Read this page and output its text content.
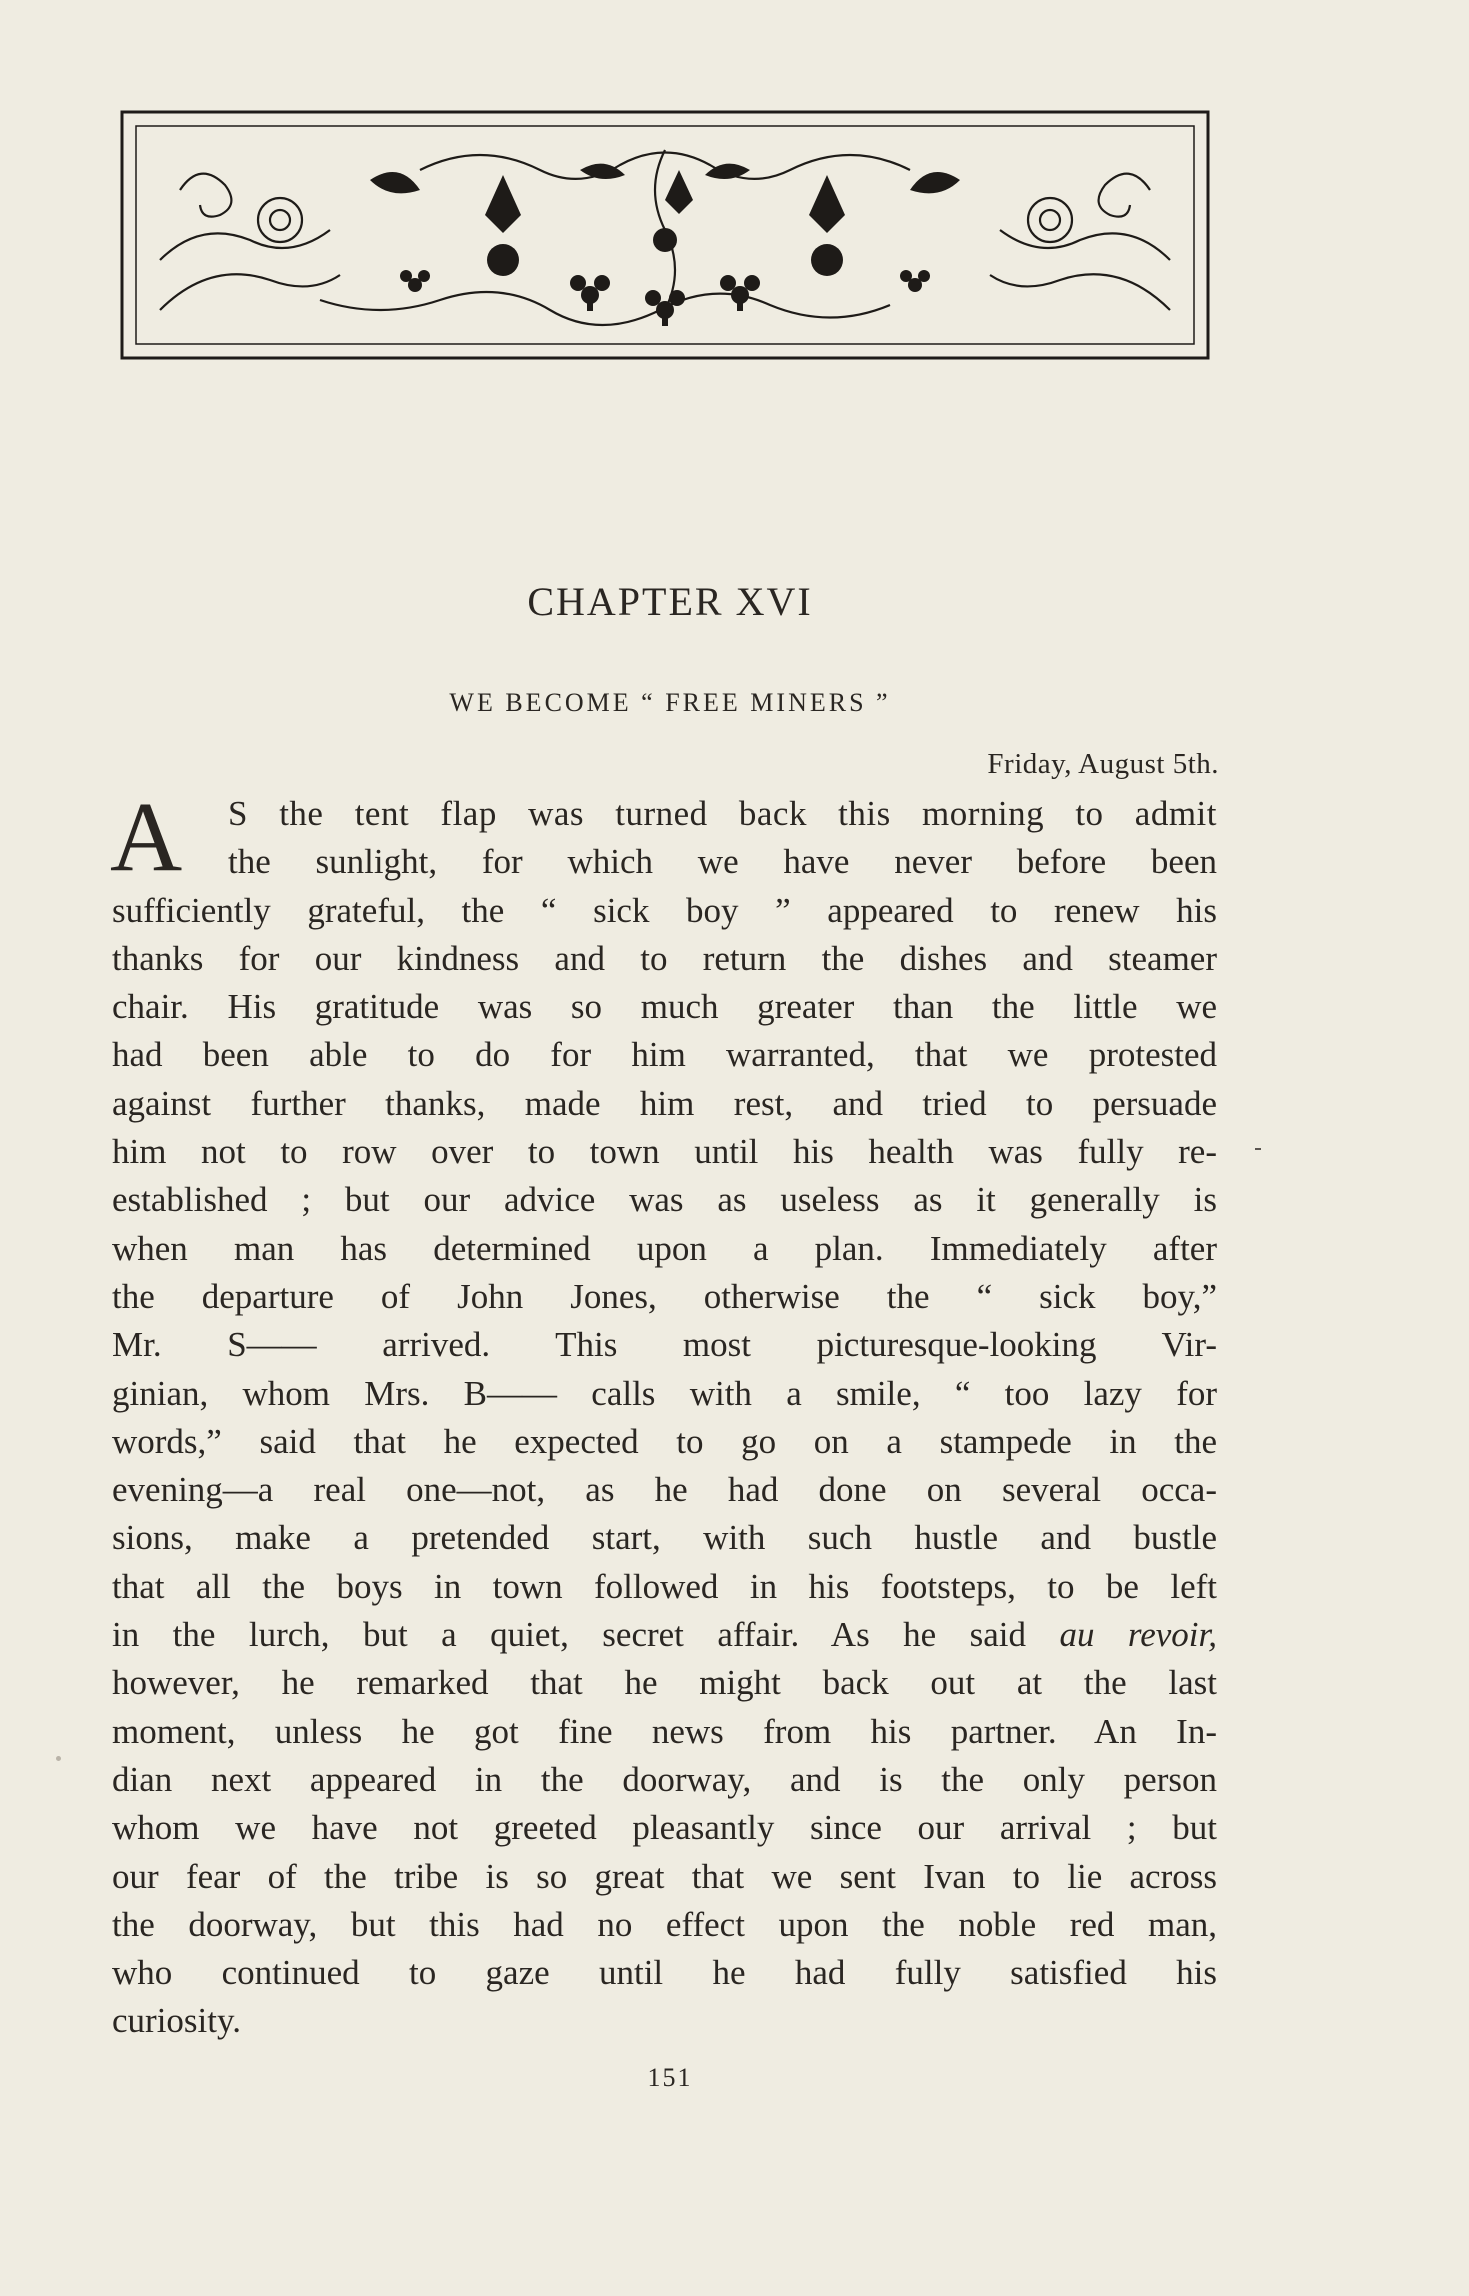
CHAPTER XVI
WE BECOME “ FREE MINERS ”
Friday, August 5th.
A	S the tent flap was turned back this morning to admit
the sunlight, for which we have never before been
sufficiently grateful, the “ sick boy ” appeared to renew his
thanks for our kindness and to return the dishes and steamer
chair. His gratitude was so much greater than the little we
had been able to do for him warranted, that we protested
against further thanks, made him rest, and tried to persuade
him not to row over to town until his health was fully re-
established ; but our advice was as useless as it generally is
when man has determined upon a plan. Immediately after
the departure of John Jones, otherwise the “ sick boy,”
Mr. S—— arrived. This most picturesque-looking Vir-
ginian, whom Mrs. B—— calls with a smile, “ too lazy for
words,” said that he expected to go on a stampede in the
evening—a real one—not, as he had done on several occa-
sions, make a pretended start, with such hustle and bustle
that all the boys in town followed in his footsteps, to be left
in the lurch, but a quiet, secret affair. As he said au revoir,
however, he remarked that he might back out at the last
moment, unless he got fine news from his partner. An In-
dian next appeared in the doorway, and is the only person
whom we have not greeted pleasantly since our arrival ; but
our fear of the tribe is so great that we sent Ivan to lie across
the doorway, but this had no effect upon the noble red man,
who continued to gaze until he had fully satisfied his
curiosity.
151
